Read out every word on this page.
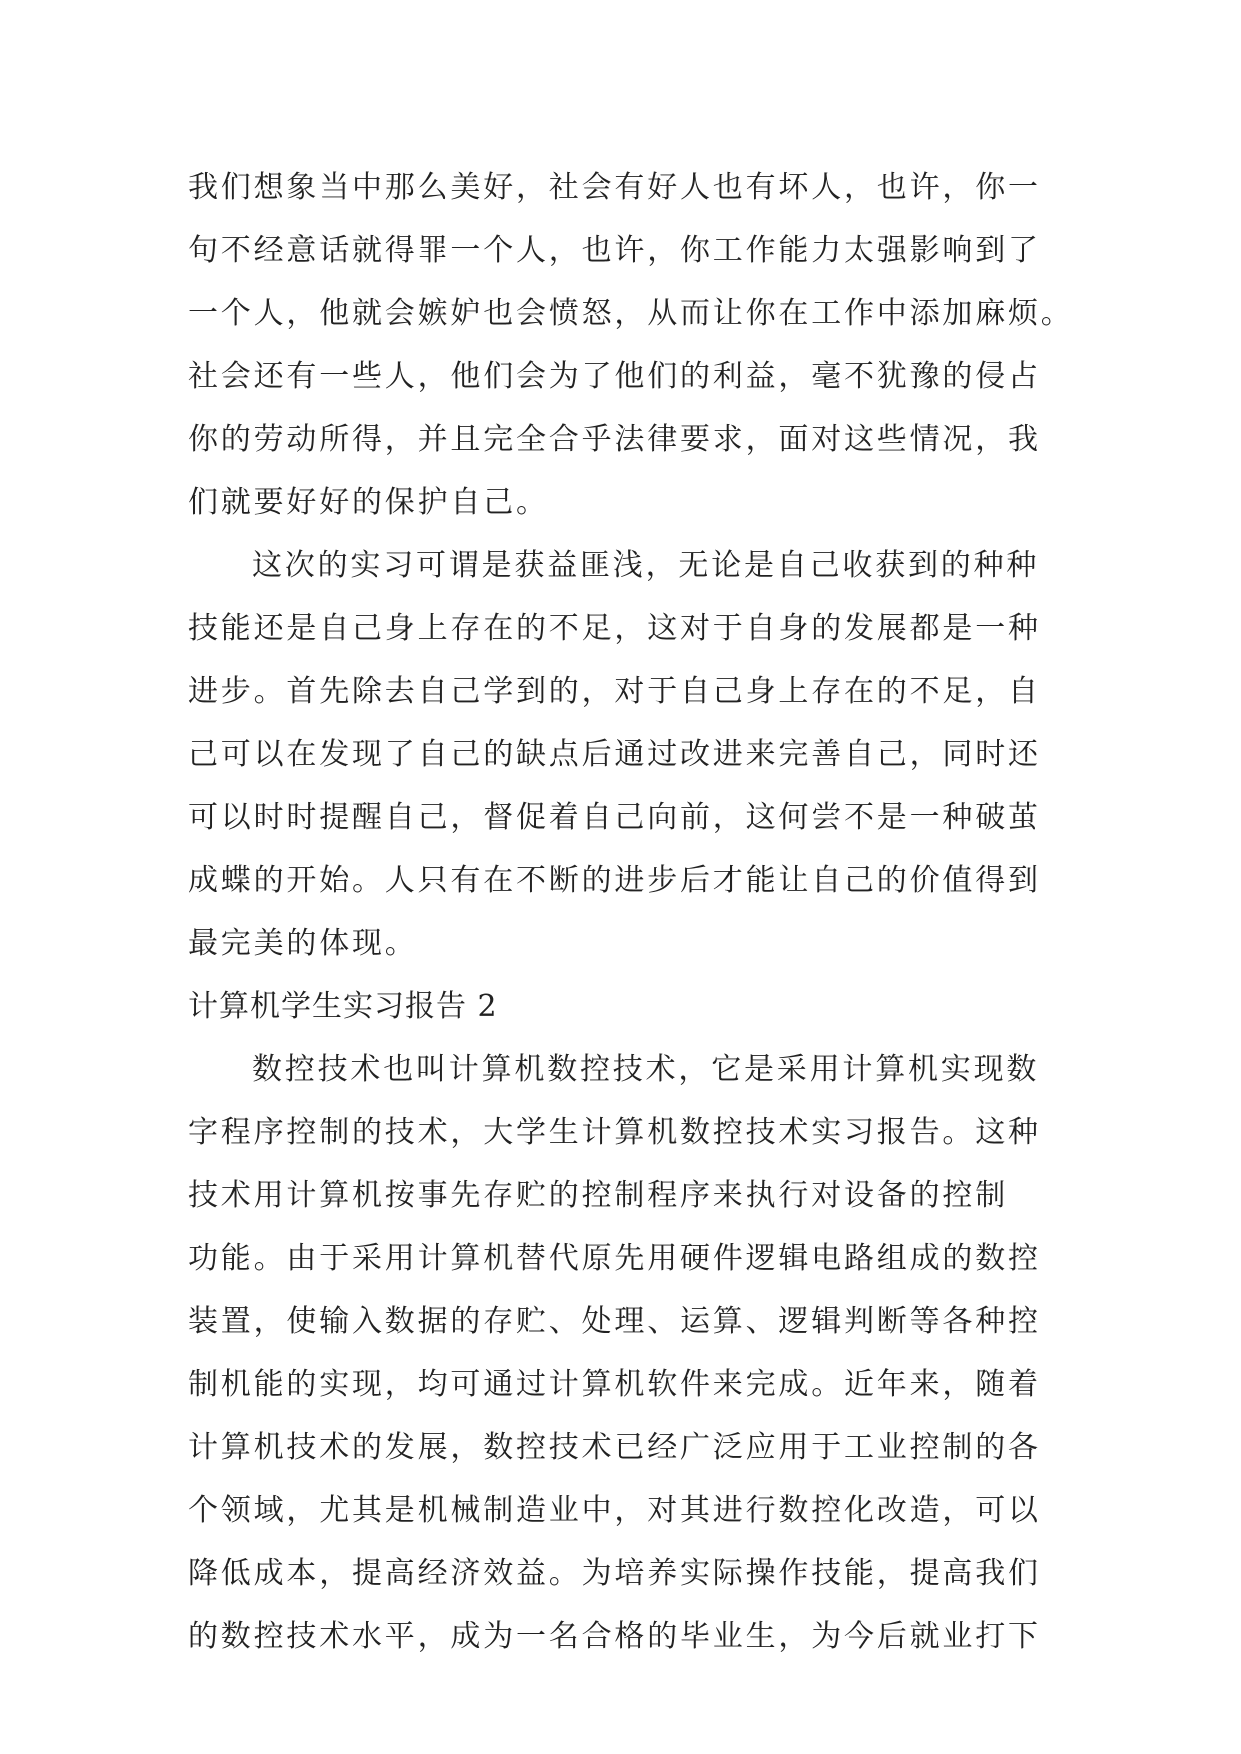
我们想象当中那么美好，社会有好人也有坏人，也许，你一
句不经意话就得罪一个人，也许，你工作能力太强影响到了
一个人，他就会嫉妒也会愤怒，从而让你在工作中添加麻烦。
社会还有一些人，他们会为了他们的利益，毫不犹豫的侵占
你的劳动所得，并且完全合乎法律要求，面对这些情况，我
们就要好好的保护自己。
这次的实习可谓是获益匪浅，无论是自己收获到的种种
技能还是自己身上存在的不足，这对于自身的发展都是一种
进步。首先除去自己学到的，对于自己身上存在的不足，自
己可以在发现了自己的缺点后通过改进来完善自己，同时还
可以时时提醒自己，督促着自己向前，这何尝不是一种破茧
成蝶的开始。人只有在不断的进步后才能让自己的价值得到
最完美的体现。
计算机学生实习报告 2
数控技术也叫计算机数控技术，它是采用计算机实现数
字程序控制的技术，大学生计算机数控技术实习报告。这种
技术用计算机按事先存贮的控制程序来执行对设备的控制
功能。由于采用计算机替代原先用硬件逻辑电路组成的数控
装置，使输入数据的存贮、处理、运算、逻辑判断等各种控
制机能的实现，均可通过计算机软件来完成。近年来，随着
计算机技术的发展，数控技术已经广泛应用于工业控制的各
个领域，尤其是机械制造业中，对其进行数控化改造，可以
降低成本，提高经济效益。为培养实际操作技能，提高我们
的数控技术水平，成为一名合格的毕业生，为今后就业打下
